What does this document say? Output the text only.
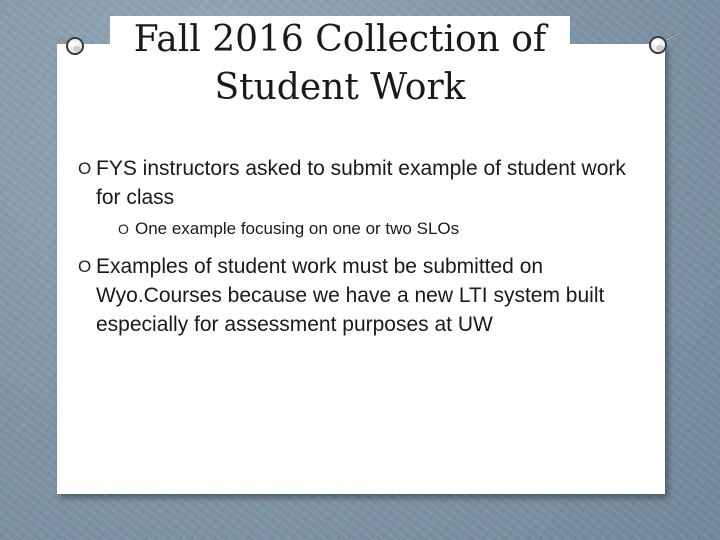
Fall 2016 Collection of
Student Work
O FYS instructors asked to submit example of student work for class
O One example focusing on one or two SLOs
O Examples of student work must be submitted on Wyo.Courses because we have a new LTI system built especially for assessment purposes at UW
